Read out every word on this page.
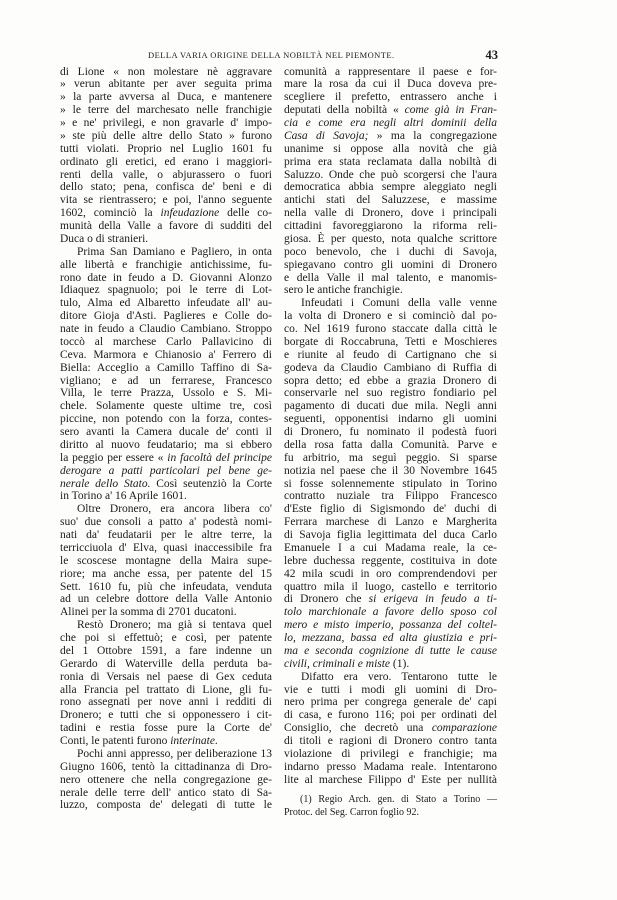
DELLA VARIA ORIGINE DELLA NOBILTÀ NEL PIEMONTE.	43
di Lione « non molestare nè aggravare
» verun abitante per aver seguita prima
» la parte avversa al Duca, e mantenere
» le terre del marchesato nelle franchigie
» e ne' privilegi, e non gravarle d' impo-
» ste più delle altre dello Stato » furono
tutti violati. Proprio nel Luglio 1601 fu
ordinato gli eretici, ed erano i maggiori-
renti della valle, o abjurassero o fuori
dello stato; pena, confisca de' beni e di
vita se rientrassero; e poi, l'anno seguente
1602, cominciò la infeudazione delle co-
munità della Valle a favore di sudditi del
Duca o di stranieri.
Prima San Damiano e Pagliero, in onta
alle libertà e franchigie antichissime, fu-
rono date in feudo a D. Giovanni Alonzo
Idiaquez spagnuolo; poi le terre di Lot-
tulo, Alma ed Albaretto infeudate all' au-
ditore Gioja d'Asti. Paglieres e Colle do-
nate in feudo a Claudio Cambiano. Stroppo
toccò al marchese Carlo Pallavicino di
Ceva. Marmora e Chianosio a' Ferrero di
Biella: Acceglio a Camillo Taffino di Sa-
vigliano; e ad un ferrarese, Francesco
Villa, le terre Prazza, Ussolo e S. Mi-
chele. Solamente queste ultime tre, così
piccine, non potendo con la forza, contes-
sero avanti la Camera ducale de' conti il
diritto al nuovo feudatario; ma si ebbero
la peggio per essere « in facoltà del principe
derogare a patti particolari pel bene ge-
nerale dello Stato. Così seutenziò la Corte
in Torino a' 16 Aprile 1601.
Oltre Dronero, era ancora libera co'
suo' due consoli a patto a' podestà nomi-
nati da' feudatarii per le altre terre, la
terricciuola d' Elva, quasi inaccessibile fra
le scoscese montagne della Maira supe-
riore; ma anche essa, per patente del 15
Sett. 1610 fu, più che infeudata, venduta
ad un celebre dottore della Valle Antonio
Alinei per la somma di 2701 ducatoni.
Restò Dronero; ma già si tentava quel
che poi si effettuò; e così, per patente
del 1 Ottobre 1591, a fare indenne un
Gerardo di Waterville della perduta ba-
ronia di Versais nel paese di Gex ceduta
alla Francia pel trattato di Lione, gli fu-
rono assegnati per nove anni i redditi di
Dronero; e tutti che si opponessero i cit-
tadini e restia fosse pure la Corte de'
Conti, le patenti furono interinate.
Pochi anni appresso, per deliberazione 13
Giugno 1606, tentò la cittadinanza di Dro-
nero ottenere che nella congregazione ge-
nerale delle terre dell' antico stato di Sa-
luzzo, composta de' delegati di tutte le
comunità a rappresentare il paese e for-
mare la rosa da cui il Duca doveva pre-
scegliere il prefetto, entrassero anche i
deputati della nobiltà « come già in Fran-
cia e come era negli altri dominii della
Casa di Savoja; » ma la congregazione
unanime si oppose alla novità che già
prima era stata reclamata dalla nobiltà di
Saluzzo. Onde che può scorgersi che l'aura
democratica abbia sempre aleggiato negli
antichi stati del Saluzzese, e massime
nella valle di Dronero, dove i principali
cittadini favoreggiarono la riforma reli-
giosa. È per questo, nota qualche scrittore
poco benevolo, che i duchi di Savoja,
spiegavano contro gli uomini di Dronero
e della Valle il mal talento, e manomis-
sero le antiche franchigie.
Infeudati i Comuni della valle venne
la volta di Dronero e si cominciò dal po-
co. Nel 1619 furono staccate dalla città le
borgate di Roccabruna, Tetti e Moschieres
e riunite al feudo di Cartignano che si
godeva da Claudio Cambiano di Ruffia di
sopra detto; ed ebbe a grazia Dronero di
conservarle nel suo registro fondiario pel
pagamento di ducati due mila. Negli anni
seguenti, opponentisi indarno gli uomini
di Dronero, fu nominato il podestà fuori
della rosa fatta dalla Comunità. Parve e
fu arbitrio, ma seguì peggio. Si sparse
notizia nel paese che il 30 Novembre 1645
si fosse solennemente stipulato in Torino
contratto nuziale tra Filippo Francesco
d'Este figlio di Sigismondo de' duchi di
Ferrara marchese di Lanzo e Margherita
di Savoja figlia legittimata del duca Carlo
Emanuele I a cui Madama reale, la ce-
lebre duchessa reggente, costituiva in dote
42 mila scudi in oro comprendendovi per
quattro mila il luogo, castello e territorio
di Dronero che si erigeva in feudo a ti-
tolo marchionale a favore dello sposo col
mero e misto imperio, possanza del coltel-
lo, mezzana, bassa ed alta giustizia e pri-
ma e seconda cognizione di tutte le cause
civili, criminali e miste (1).
Difatto era vero. Tentarono tutte le
vie e tutti i modi gli uomini di Dro-
nero prima per congrega generale de' capi
di casa, e furono 116; poi per ordinati del
Consiglio, che decretò una comparazione
di titoli e ragioni di Dronero contro tanta
violazione di privilegi e franchigie; ma
indarno presso Madama reale. Intentarono
lite al marchese Filippo d' Este per nullità
(1) Regio Arch. gen. di Stato a Torino —
Protoc. del Seg. Carron foglio 92.
